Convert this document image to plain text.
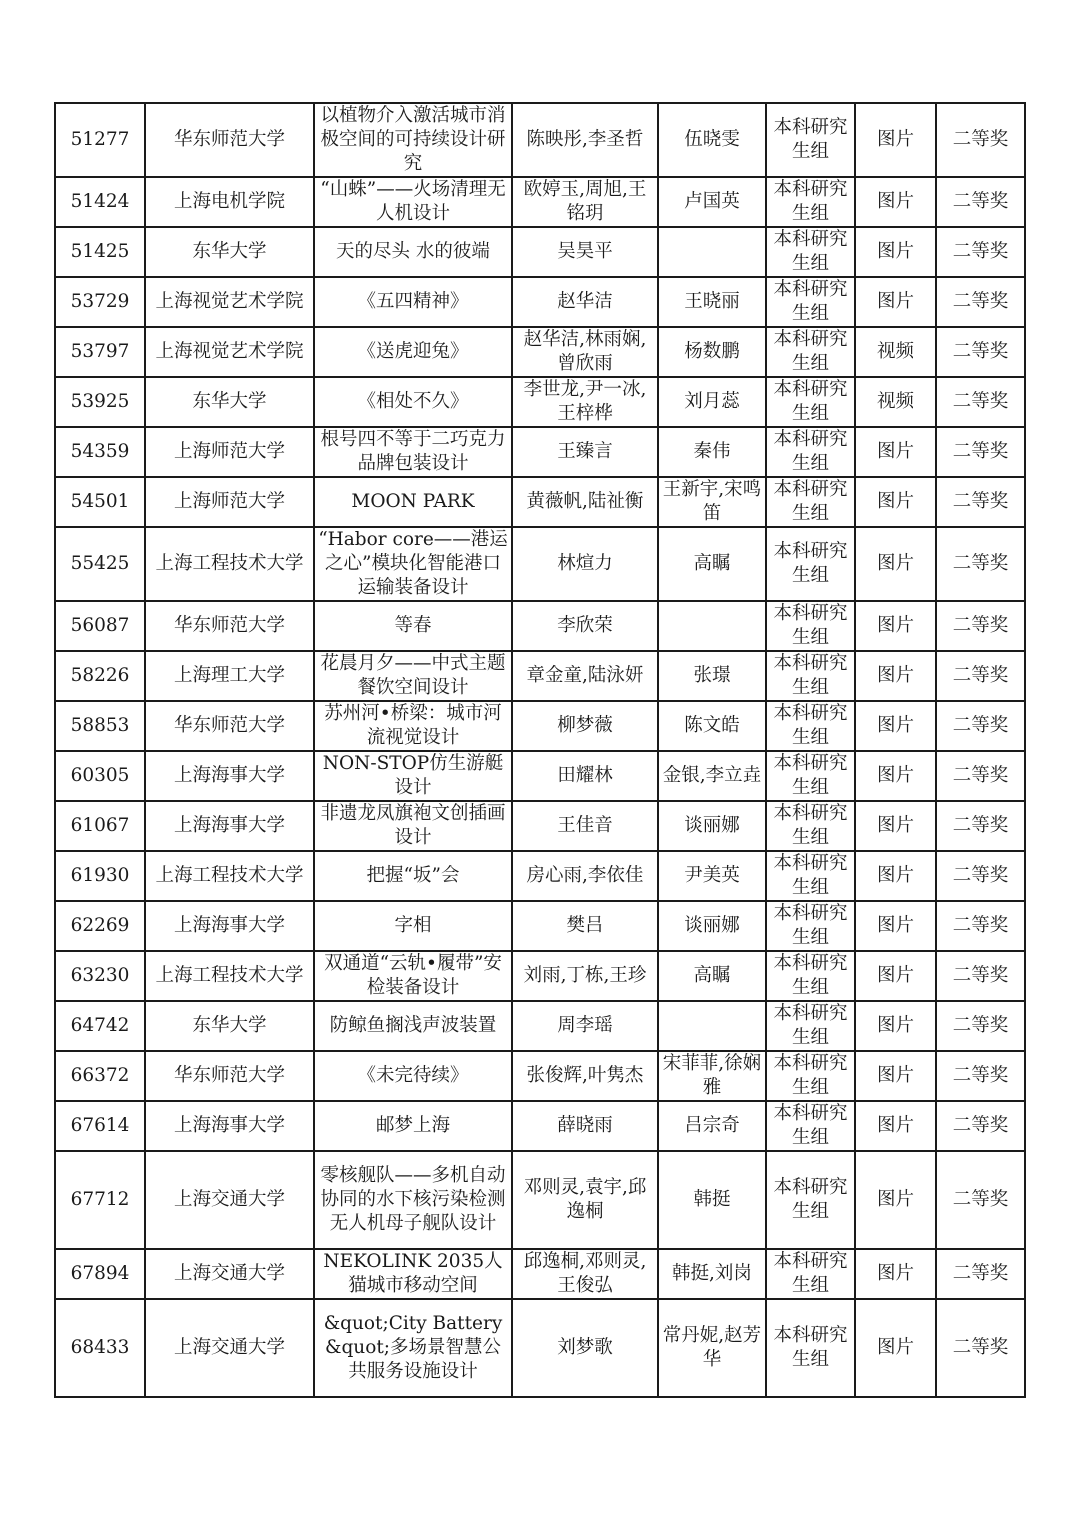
51277	华东师范大学	以植物介入激活城市消极空间的可持续设计研究	陈映彤,李圣哲	伍晓雯	本科研究生组	图片	二等奖
51424	上海电机学院	“山蛛”——火场清理无人机设计	欧婷玉,周旭,王铭玥	卢国英	本科研究生组	图片	二等奖
51425	东华大学	天的尽头 水的彼端	吴昊平		本科研究生组	图片	二等奖
53729	上海视觉艺术学院	《五四精神》	赵华洁	王晓丽	本科研究生组	图片	二等奖
53797	上海视觉艺术学院	《送虎迎兔》	赵华洁,林雨娴,曾欣雨	杨数鹏	本科研究生组	视频	二等奖
53925	东华大学	《相处不久》	李世龙,尹一冰,王梓桦	刘月蕊	本科研究生组	视频	二等奖
54359	上海师范大学	根号四不等于二巧克力品牌包装设计	王臻言	秦伟	本科研究生组	图片	二等奖
54501	上海师范大学	MOON PARK	黄薇帆,陆祉衡	王新宇,宋鸣笛	本科研究生组	图片	二等奖
55425	上海工程技术大学	“Habor core——港运之心”模块化智能港口运输装备设计	林煊力	高瞩	本科研究生组	图片	二等奖
56087	华东师范大学	等春	李欣荣		本科研究生组	图片	二等奖
58226	上海理工大学	花晨月夕——中式主题餐饮空间设计	章金童,陆泳妍	张璟	本科研究生组	图片	二等奖
58853	华东师范大学	苏州河•桥梁：城市河流视觉设计	柳梦薇	陈文皓	本科研究生组	图片	二等奖
60305	上海海事大学	NON-STOP仿生游艇设计	田耀林	金银,李立垚	本科研究生组	图片	二等奖
61067	上海海事大学	非遗龙凤旗袍文创插画设计	王佳音	谈丽娜	本科研究生组	图片	二等奖
61930	上海工程技术大学	把握“坂”会	房心雨,李依佳	尹美英	本科研究生组	图片	二等奖
62269	上海海事大学	字相	樊吕	谈丽娜	本科研究生组	图片	二等奖
63230	上海工程技术大学	双通道“云轨•履带”安检装备设计	刘雨,丁栋,王珍	高瞩	本科研究生组	图片	二等奖
64742	东华大学	防鲸鱼搁浅声波装置	周李瑶		本科研究生组	图片	二等奖
66372	华东师范大学	《未完待续》	张俊辉,叶隽杰	宋菲菲,徐娴雅	本科研究生组	图片	二等奖
67614	上海海事大学	邮梦上海	薛晓雨	吕宗奇	本科研究生组	图片	二等奖
67712	上海交通大学	零核舰队——多机自动协同的水下核污染检测无人机母子舰队设计	邓则灵,袁宇,邱逸桐	韩挺	本科研究生组	图片	二等奖
67894	上海交通大学	NEKOLINK 2035人猫城市移动空间	邱逸桐,邓则灵,王俊弘	韩挺,刘岗	本科研究生组	图片	二等奖
68433	上海交通大学	&quot;City Battery&quot;多场景智慧公共服务设施设计	刘梦歌	常丹妮,赵芳华	本科研究生组	图片	二等奖
